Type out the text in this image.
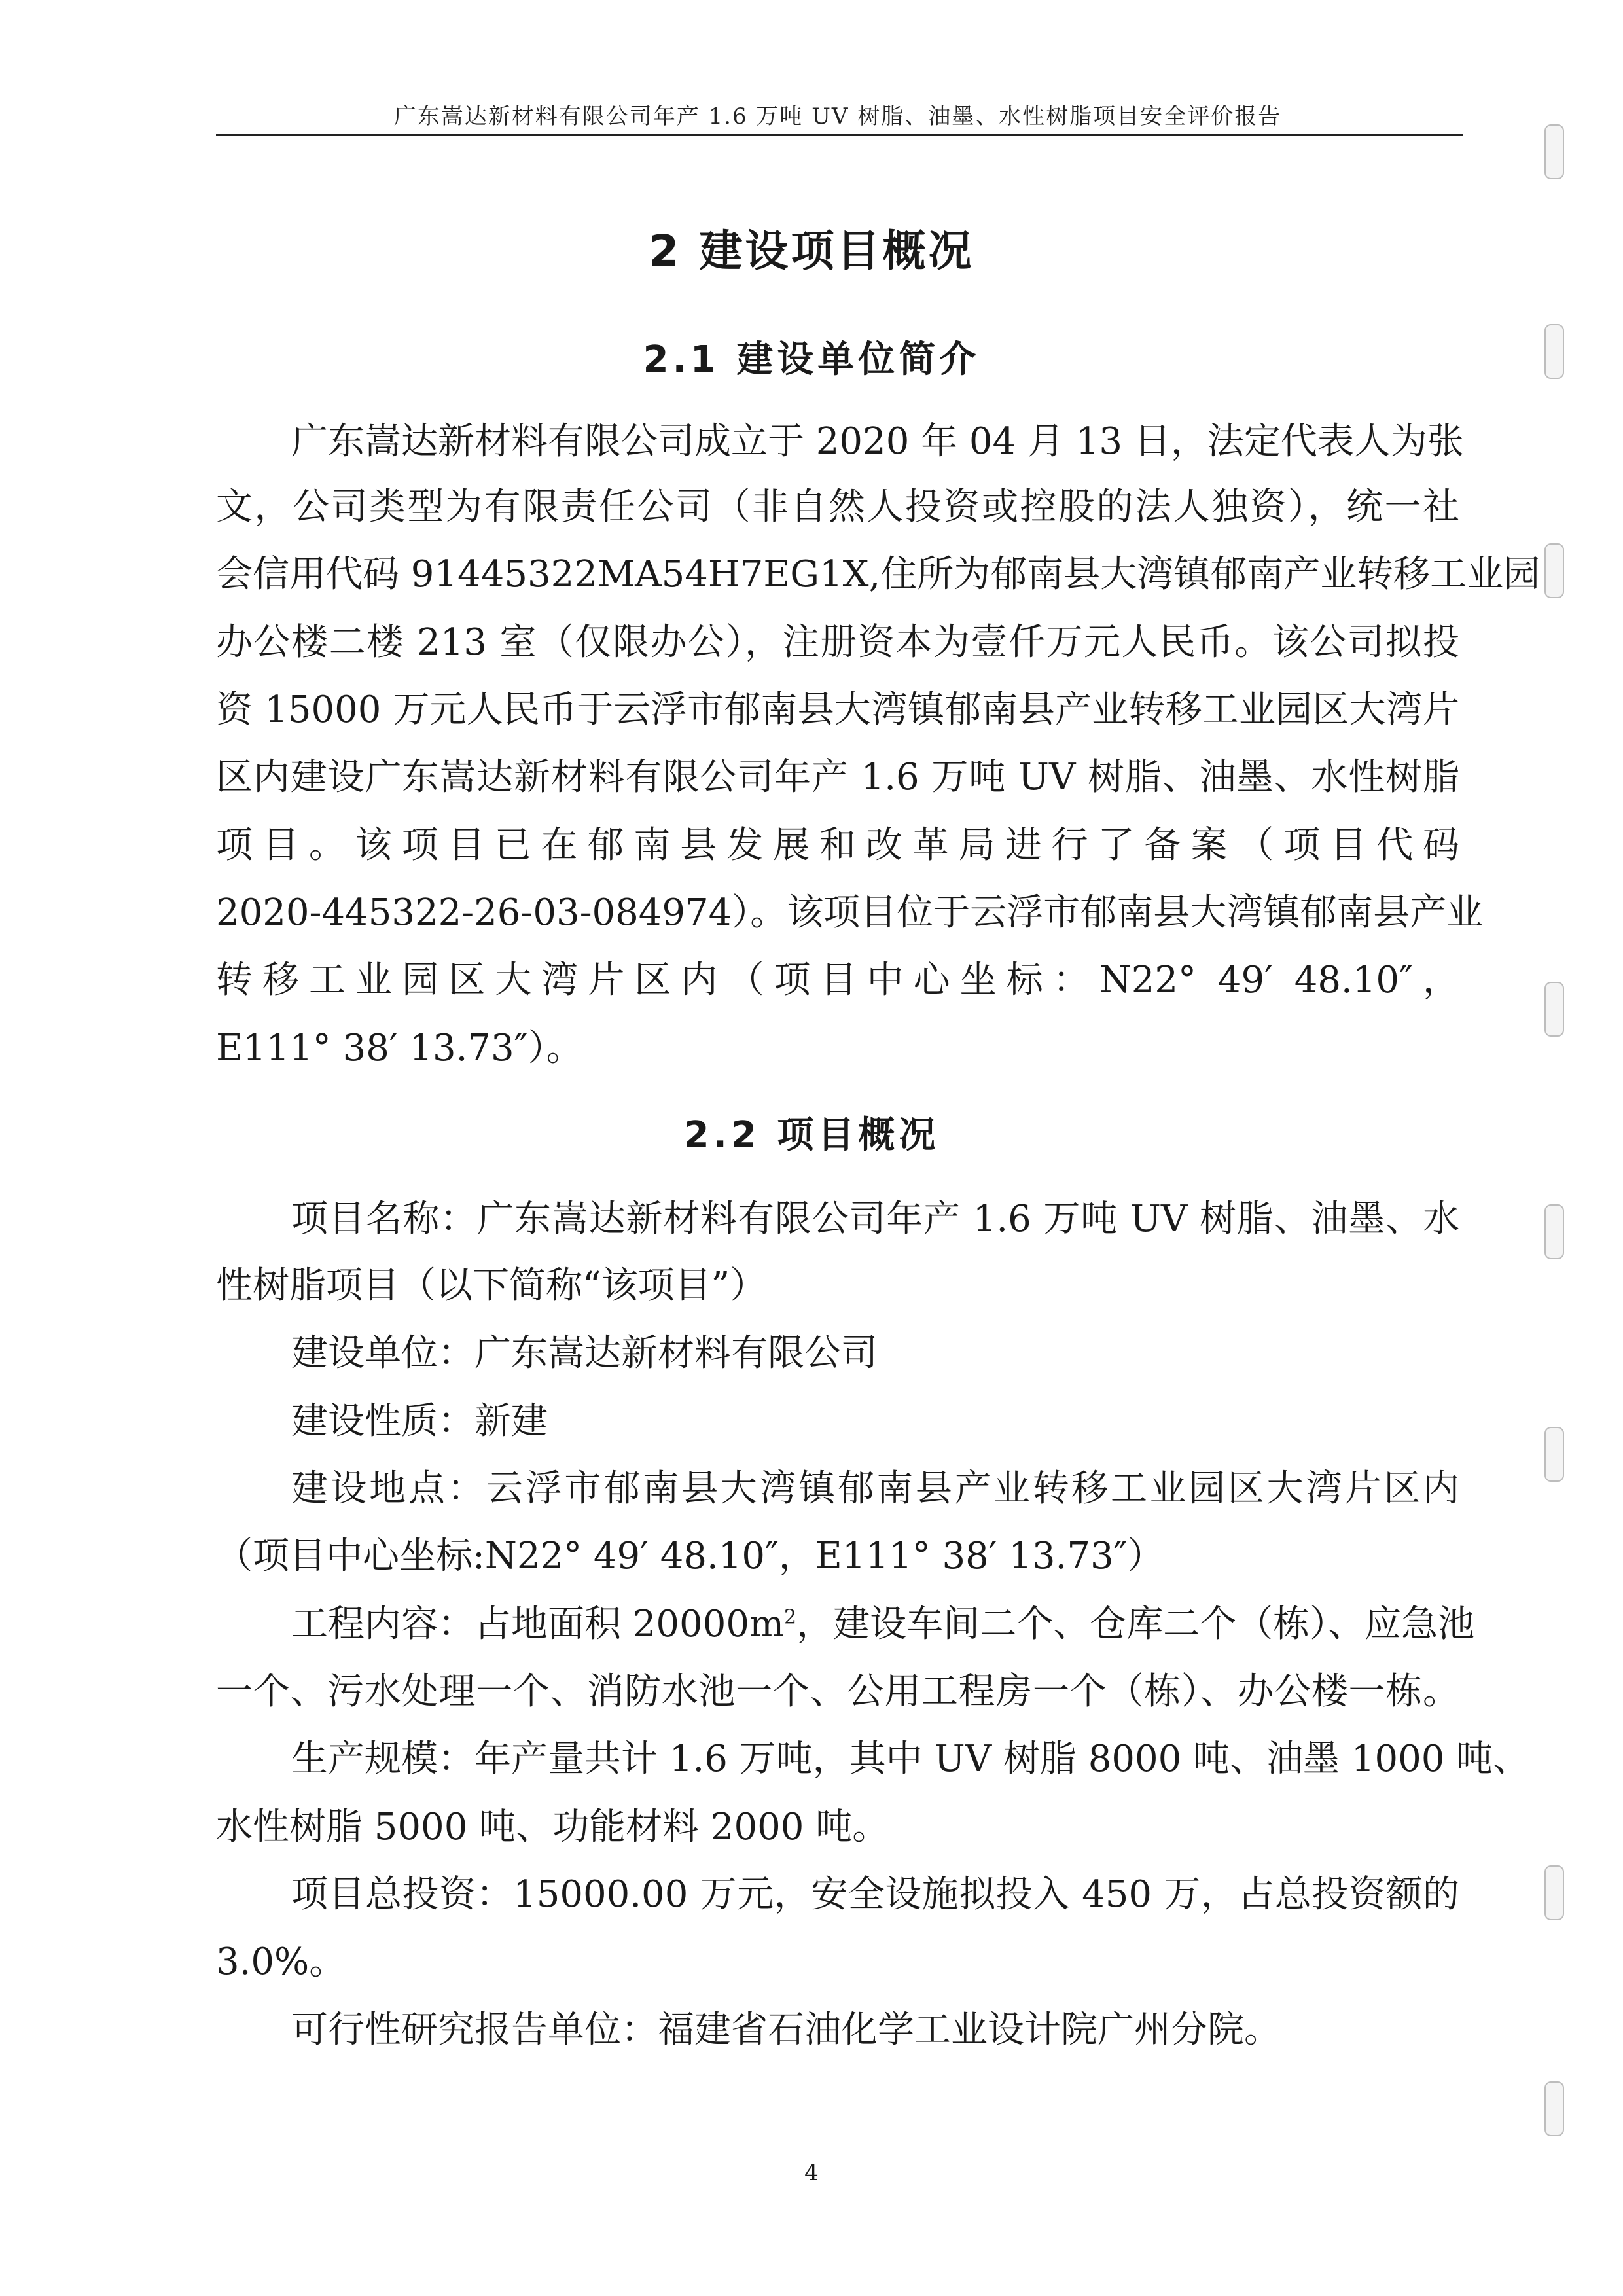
广东嵩达新材料有限公司年产 1.6 万吨 UV 树脂、油墨、水性树脂项目安全评价报告
2 建设项目概况
2.1 建设单位简介
广东嵩达新材料有限公司成立于 2020 年 04 月 13 日，法定代表人为张
文，公司类型为有限责任公司（非自然人投资或控股的法人独资），统一社
会信用代码 91445322MA54H7EG1X,住所为郁南县大湾镇郁南产业转移工业园
办公楼二楼 213 室（仅限办公），注册资本为壹仟万元人民币。该公司拟投
资 15000 万元人民币于云浮市郁南县大湾镇郁南县产业转移工业园区大湾片
区内建设广东嵩达新材料有限公司年产 1.6 万吨 UV 树脂、油墨、水性树脂
项目。该项目已在郁南县发展和改革局进行了备案（项目代码
2020-445322-26-03-084974）。该项目位于云浮市郁南县大湾镇郁南县产业
转移工业园区大湾片区内（项目中心坐标：N22° 49′ 48.10″，
E111° 38′ 13.73″）。
2.2 项目概况
项目名称：广东嵩达新材料有限公司年产 1.6 万吨 UV 树脂、油墨、水
性树脂项目（以下简称“该项目”）
建设单位：广东嵩达新材料有限公司
建设性质：新建
建设地点：云浮市郁南县大湾镇郁南县产业转移工业园区大湾片区内
（项目中心坐标:N22° 49′ 48.10″，E111° 38′ 13.73″）
工程内容：占地面积 $20000m^2$，建设车间二个、仓库二个（栋）、应急池
一个、污水处理一个、消防水池一个、公用工程房一个（栋）、办公楼一栋。
生产规模：年产量共计 1.6 万吨，其中 UV 树脂 8000 吨、油墨 1000 吨、
水性树脂 5000 吨、功能材料 2000 吨。
项目总投资：15000.00 万元，安全设施拟投入 450 万，占总投资额的
3.0%。
可行性研究报告单位：福建省石油化学工业设计院广州分院。
4
